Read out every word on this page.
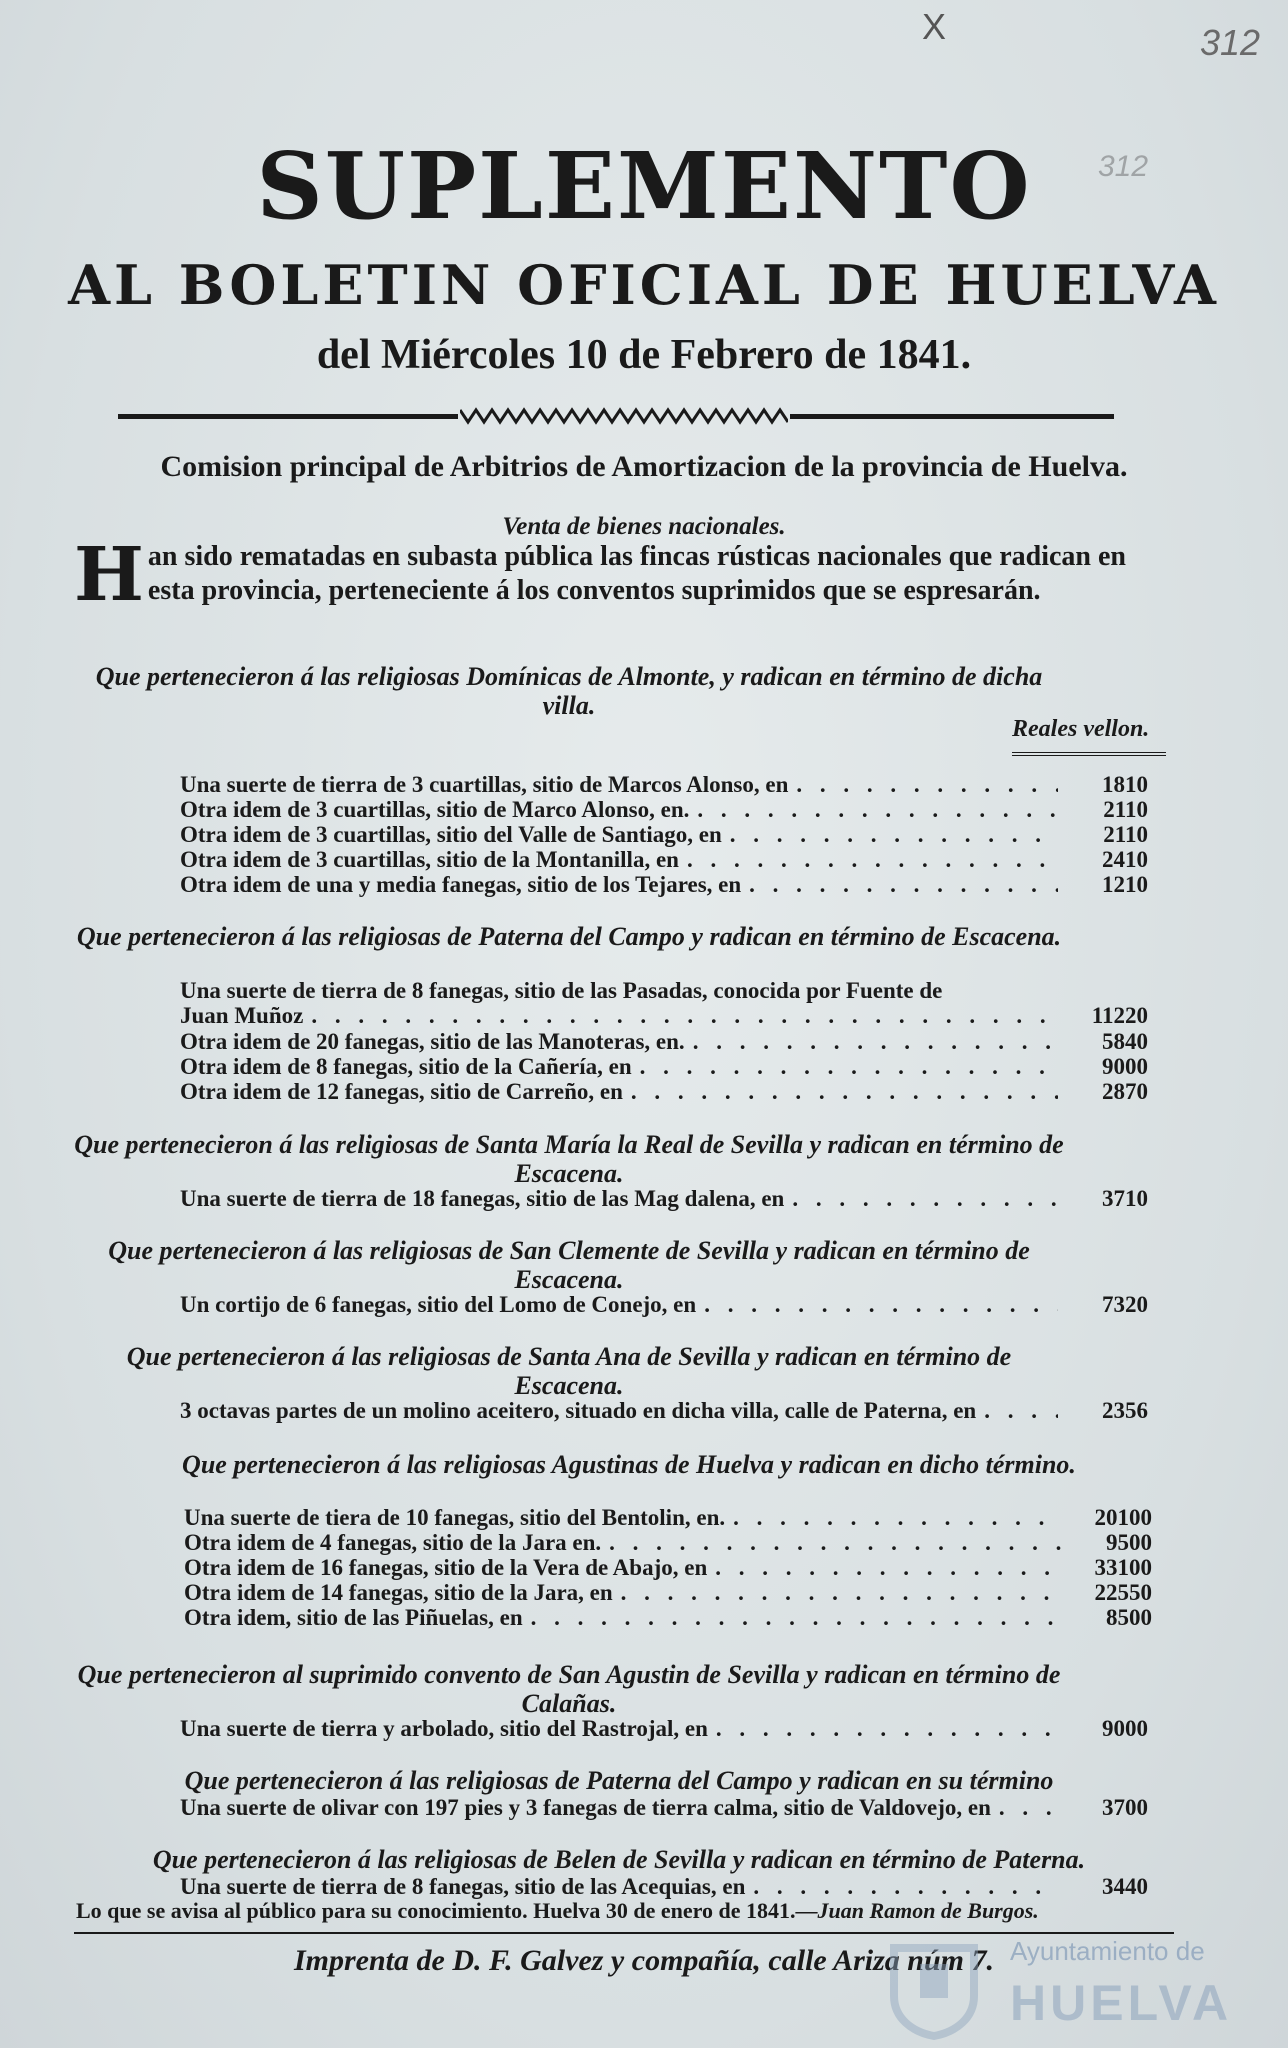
X	312
312
SUPLEMENTO
AL BOLETIN OFICIAL DE HUELVA
del Miércoles 10 de Febrero de 1841.
Comision principal de Arbitrios de Amortizacion de la provincia de Huelva.
Venta de bienes nacionales.
H an sido rematadas en subasta pública las fincas rústicas nacionales que radican en esta provincia, perteneciente á los conventos suprimidos que se espresarán.
Que pertenecieron á las religiosas Domínicas de Almonte, y radican en término de dicha villa.
Reales vellon.
Una suerte de tierra de 3 cuartillas, sitio de Marcos Alonso, en . . .	1810
Otra idem de 3 cuartillas, sitio de Marco Alonso, en. . . .	2110
Otra idem de 3 cuartillas, sitio del Valle de Santiago, en . . .	2110
Otra idem de 3 cuartillas, sitio de la Montanilla, en . . .	2410
Otra idem de una y media fanegas, sitio de los Tejares, en . . .	1210
Que pertenecieron á las religiosas de Paterna del Campo y radican en término de Escacena.
Una suerte de tierra de 8 fanegas, sitio de las Pasadas, conocida por Fuente de
Juan Muñoz . . .	11220
Otra idem de 20 fanegas, sitio de las Manoteras, en. . . .	5840
Otra idem de 8 fanegas, sitio de la Cañería, en . . .	9000
Otra idem de 12 fanegas, sitio de Carreño, en . . .	2870
Que pertenecieron á las religiosas de Santa María la Real de Sevilla y radican en término de Escacena.
Una suerte de tierra de 18 fanegas, sitio de las Mag dalena, en . . .	3710
Que pertenecieron á las religiosas de San Clemente de Sevilla y radican en término de Escacena.
Un cortijo de 6 fanegas, sitio del Lomo de Conejo, en . . .	7320
Que pertenecieron á las religiosas de Santa Ana de Sevilla y radican en término de Escacena.
3 octavas partes de un molino aceitero, situado en dicha villa, calle de Paterna, en . . .	2356
Que pertenecieron á las religiosas Agustinas de Huelva y radican en dicho término.
Una suerte de tiera de 10 fanegas, sitio del Bentolin, en. . . .	20100
Otra idem de 4 fanegas, sitio de la Jara en. . . .	9500
Otra idem de 16 fanegas, sitio de la Vera de Abajo, en . . .	33100
Otra idem de 14 fanegas, sitio de la Jara, en . . .	22550
Otra idem, sitio de las Piñuelas, en . . .	8500
Que pertenecieron al suprimido convento de San Agustin de Sevilla y radican en término de Calañas.
Una suerte de tierra y arbolado, sitio del Rastrojal, en . . .	9000
Que pertenecieron á las religiosas de Paterna del Campo y radican en su término
Una suerte de olivar con 197 pies y 3 fanegas de tierra calma, sitio de Valdovejo, en . . .	3700
Que pertenecieron á las religiosas de Belen de Sevilla y radican en término de Paterna.
Una suerte de tierra de 8 fanegas, sitio de las Acequias, en . . .	3440
Lo que se avisa al público para su conocimiento. Huelva 30 de enero de 1841.—Juan Ramon de Burgos.
Imprenta de D. F. Galvez y compañía, calle Ariza núm 7. Ayuntamiento de
HUELVA
